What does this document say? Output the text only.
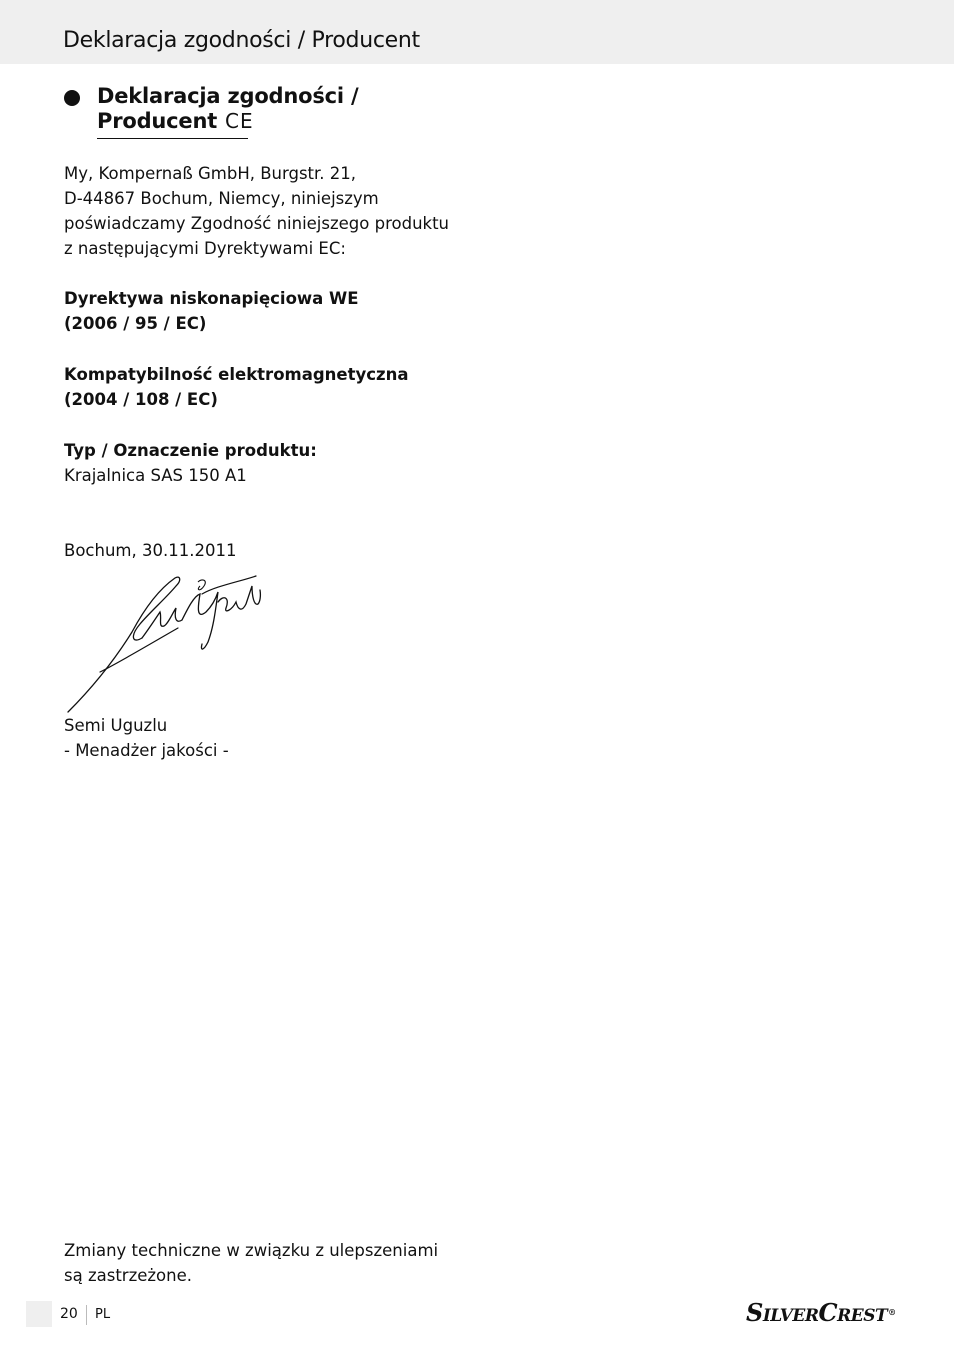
Deklaracja zgodności / Producent
Deklaracja zgodności /
Producent CE
My, Kompernaß GmbH, Burgstr. 21,
D-44867 Bochum, Niemcy, niniejszym
poświadczamy Zgodność niniejszego produktu
z następującymi Dyrektywami EC:
Dyrektywa niskonapięciowa WE
(2006 / 95 / EC)
Kompatybilność elektromagnetyczna
(2004 / 108 / EC)
Typ / Oznaczenie produktu:
Krajalnica SAS 150 A1
Bochum, 30.11.2011
Semi Uguzlu
- Menadżer jakości -
Zmiany techniczne w związku z ulepszeniami
są zastrzeżone.
20 PL	SILVERCREST®
